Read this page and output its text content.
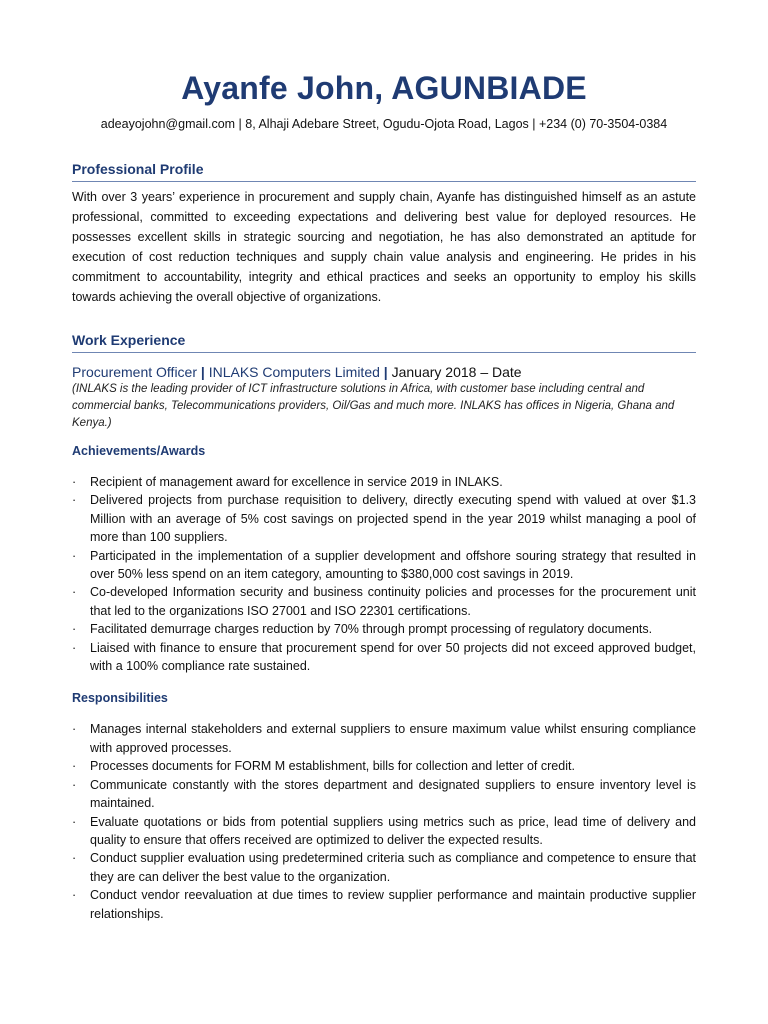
Ayanfe John, AGUNBIADE
adeayojohn@gmail.com | 8, Alhaji Adebare Street, Ogudu-Ojota Road, Lagos | +234 (0) 70-3504-0384
Professional Profile
With over 3 years’ experience in procurement and supply chain, Ayanfe has distinguished himself as an astute professional, committed to exceeding expectations and delivering best value for deployed resources. He possesses excellent skills in strategic sourcing and negotiation, he has also demonstrated an aptitude for execution of cost reduction techniques and supply chain value analysis and engineering. He prides in his commitment to accountability, integrity and ethical practices and seeks an opportunity to employ his skills towards achieving the overall objective of organizations.
Work Experience
Procurement Officer | INLAKS Computers Limited | January 2018 – Date
(INLAKS is the leading provider of ICT infrastructure solutions in Africa, with customer base including central and commercial banks, Telecommunications providers, Oil/Gas and much more. INLAKS has offices in Nigeria, Ghana and Kenya.)
Achievements/Awards
·	Recipient of management award for excellence in service 2019 in INLAKS.
·	Delivered projects from purchase requisition to delivery, directly executing spend with valued at over $1.3 Million with an average of 5% cost savings on projected spend in the year 2019 whilst managing a pool of more than 100 suppliers.
·	Participated in the implementation of a supplier development and offshore souring strategy that resulted in over 50% less spend on an item category, amounting to $380,000 cost savings in 2019.
·	Co-developed Information security and business continuity policies and processes for the procurement unit that led to the organizations ISO 27001 and ISO 22301 certifications.
·	Facilitated demurrage charges reduction by 70% through prompt processing of regulatory documents.
·	Liaised with finance to ensure that procurement spend for over 50 projects did not exceed approved budget, with a 100% compliance rate sustained.
Responsibilities
·	Manages internal stakeholders and external suppliers to ensure maximum value whilst ensuring compliance with approved processes.
·	Processes documents for FORM M establishment, bills for collection and letter of credit.
·	Communicate constantly with the stores department and designated suppliers to ensure inventory level is maintained.
·	Evaluate quotations or bids from potential suppliers using metrics such as price, lead time of delivery and quality to ensure that offers received are optimized to deliver the expected results.
·	Conduct supplier evaluation using predetermined criteria such as compliance and competence to ensure that they are can deliver the best value to the organization.
·	Conduct vendor reevaluation at due times to review supplier performance and maintain productive supplier relationships.
